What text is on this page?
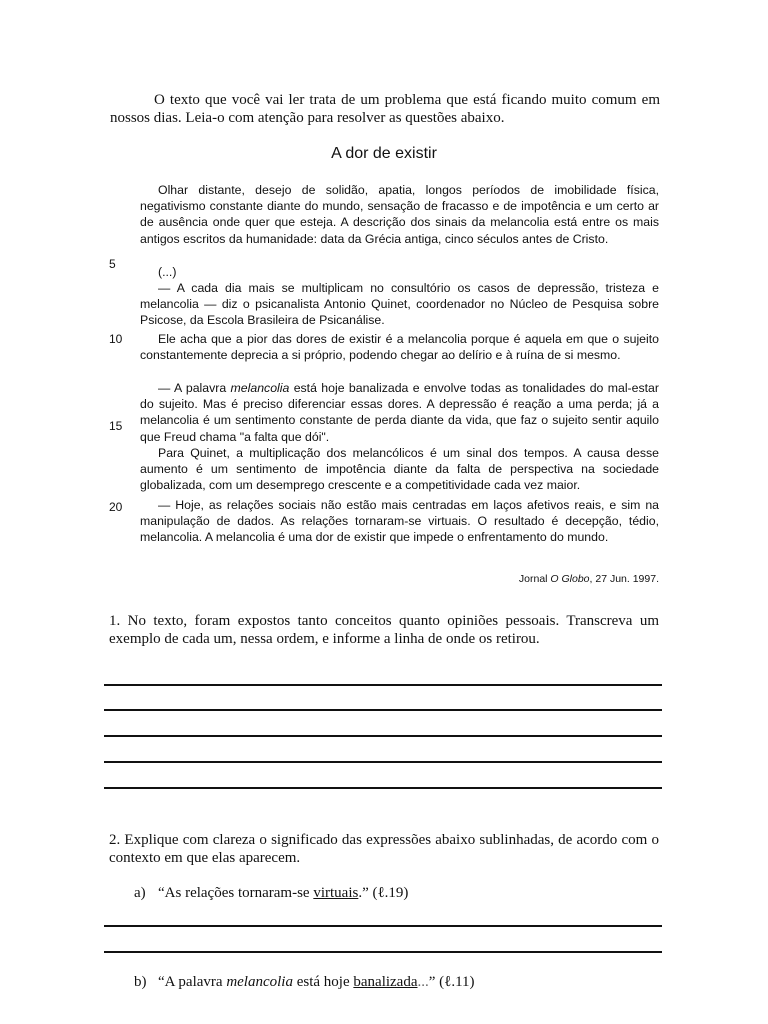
O texto que você vai ler trata de um problema que está ficando muito comum em nossos dias. Leia-o com atenção para resolver as questões abaixo.

A dor de existir

Olhar distante, desejo de solidão, apatia, longos períodos de imobilidade física, negativismo constante diante do mundo, sensação de fracasso e de impotência e um certo ar de ausência onde quer que esteja. A descrição dos sinais da melancolia está entre os mais antigos escritos da humanidade: data da Grécia antiga, cinco séculos antes de Cristo.

(...)

— A cada dia mais se multiplicam no consultório os casos de depressão, tristeza e melancolia — diz o psicanalista Antonio Quinet, coordenador no Núcleo de Pesquisa sobre Psicose, da Escola Brasileira de Psicanálise.

Ele acha que a pior das dores de existir é a melancolia porque é aquela em que o sujeito constantemente deprecia a si próprio, podendo chegar ao delírio e à ruína de si mesmo.

— A palavra melancolia está hoje banalizada e envolve todas as tonalidades do mal-estar do sujeito. Mas é preciso diferenciar essas dores. A depressão é reação a uma perda; já a melancolia é um sentimento constante de perda diante da vida, que faz o sujeito sentir aquilo que Freud chama "a falta que dói".

Para Quinet, a multiplicação dos melancólicos é um sinal dos tempos. A causa desse aumento é um sentimento de impotência diante da falta de perspectiva na sociedade globalizada, com um desemprego crescente e a competitividade cada vez maior.

— Hoje, as relações sociais não estão mais centradas em laços afetivos reais, e sim na manipulação de dados. As relações tornaram-se virtuais. O resultado é decepção, tédio, melancolia. A melancolia é uma dor de existir que impede o enfrentamento do mundo.

5
10
15
20

Jornal O Globo, 27 Jun. 1997.

1. No texto, foram expostos tanto conceitos quanto opiniões pessoais. Transcreva um exemplo de cada um, nessa ordem, e informe a linha de onde os retirou.

2. Explique com clareza o significado das expressões abaixo sublinhadas, de acordo com o contexto em que elas aparecem.

a) “As relações tornaram-se virtuais.” (ℓ.19)

b) “A palavra melancolia está hoje banalizada...” (ℓ.11)
